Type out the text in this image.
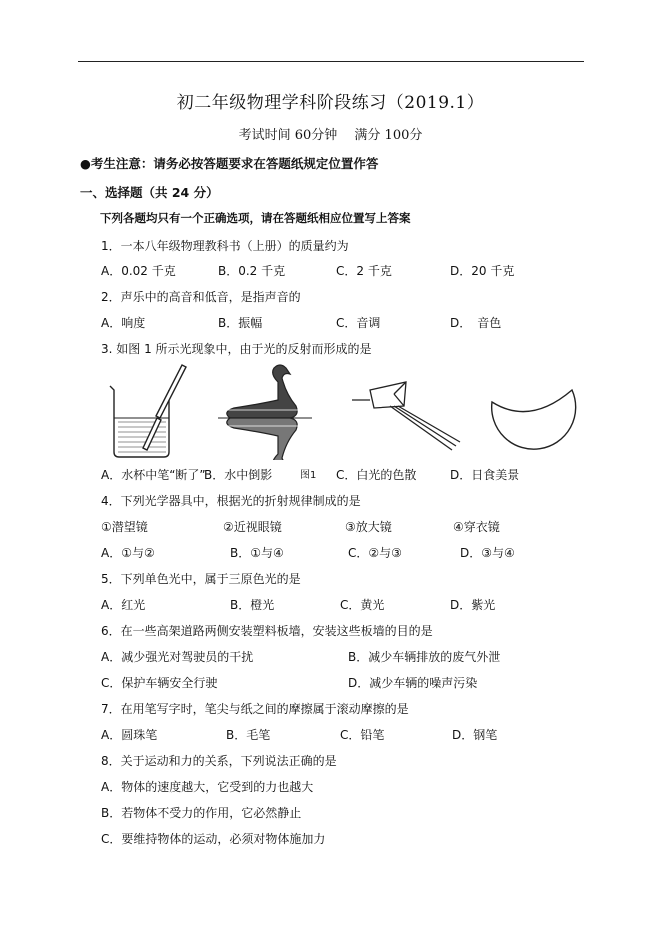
初二年级物理学科阶段练习（2019.1）
考试时间 60分钟　 满分 100分
●考生注意：请务必按答题要求在答题纸规定位置作答
一、选择题（共 24 分）
下列各题均只有一个正确选项，请在答题纸相应位置写上答案
1．一本八年级物理教科书（上册）的质量约为
A．0.02 千克	B．0.2 千克	C．2 千克	D．20 千克
2．声乐中的高音和低音，是指声音的
A．响度	B．振幅	C．音调	D．　音色
3. 如图 1 所示光现象中，由于光的反射而形成的是
图1
A．水杯中笔“断了”
B．水中倒影	C．白光的色散	D．日食美景
4．下列光学器具中，根据光的折射规律制成的是
①潜望镜	②近视眼镜	③放大镜	④穿衣镜
A．①与②	B．①与④	C．②与③	D．③与④
5．下列单色光中，属于三原色光的是
A．红光	B．橙光	C．黄光	D．紫光
6．在一些高架道路两侧安装塑料板墙，安装这些板墙的目的是
A．减少强光对驾驶员的干扰	B．减少车辆排放的废气外泄
C．保护车辆安全行驶	D．减少车辆的噪声污染
7．在用笔写字时，笔尖与纸之间的摩擦属于滚动摩擦的是
A．圆珠笔	B．毛笔	C．铅笔	D．钢笔
8．关于运动和力的关系，下列说法正确的是
A．物体的速度越大，它受到的力也越大
B．若物体不受力的作用，它必然静止
C．要维持物体的运动，必须对物体施加力
